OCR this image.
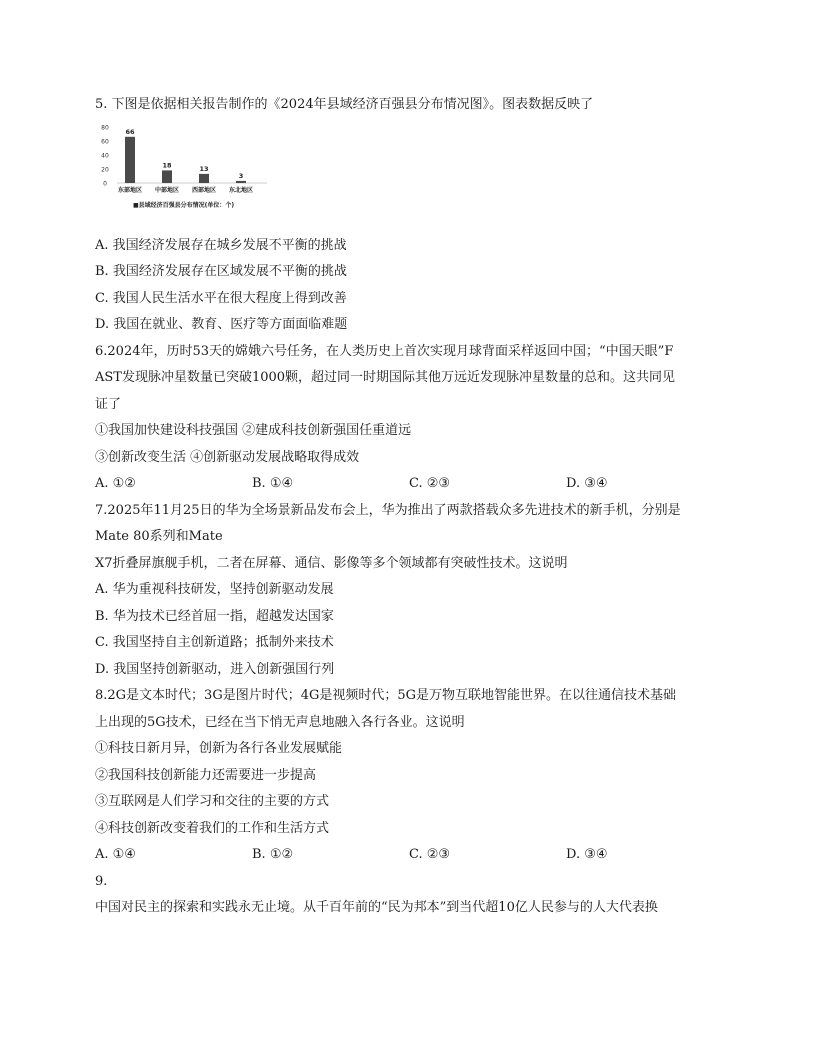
5. 下图是依据相关报告制作的《2024年县域经济百强县分布情况图》。图表数据反映了
80
60
40
20
0
66
东部地区
18
中部地区
13
西部地区
3
东北地区
■县域经济百强县分布情况(单位：个)
A. 我国经济发展存在城乡发展不平衡的挑战
B. 我国经济发展存在区域发展不平衡的挑战
C. 我国人民生活水平在很大程度上得到改善
D. 我国在就业、教育、医疗等方面面临难题
6.2024年，历时53天的嫦娥六号任务，在人类历史上首次实现月球背面采样返回中国；“中国天眼”F
AST发现脉冲星数量已突破1000颗，超过同一时期国际其他万远近发现脉冲星数量的总和。这共同见
证了
①我国加快建设科技强国 ②建成科技创新强国任重道远
③创新改变生活 ④创新驱动发展战略取得成效
A. ①②	B. ①④	C. ②③	D. ③④
7.2025年11月25日的华为全场景新品发布会上，华为推出了两款搭载众多先进技术的新手机，分别是
Mate 80系列和Mate
X7折叠屏旗舰手机，二者在屏幕、通信、影像等多个领域都有突破性技术。这说明
A. 华为重视科技研发，坚持创新驱动发展
B. 华为技术已经首屈一指，超越发达国家
C. 我国坚持自主创新道路；抵制外来技术
D. 我国坚持创新驱动，进入创新强国行列
8.2G是文本时代；3G是图片时代；4G是视频时代；5G是万物互联地智能世界。在以往通信技术基础
上出现的5G技术，已经在当下悄无声息地融入各行各业。这说明
①科技日新月异，创新为各行各业发展赋能
②我国科技创新能力还需要进一步提高
③互联网是人们学习和交往的主要的方式
④科技创新改变着我们的工作和生活方式
A. ①④	B. ①②	C. ②③	D. ③④
9.
中国对民主的探索和实践永无止境。从千百年前的“民为邦本”到当代超10亿人民参与的人大代表换
